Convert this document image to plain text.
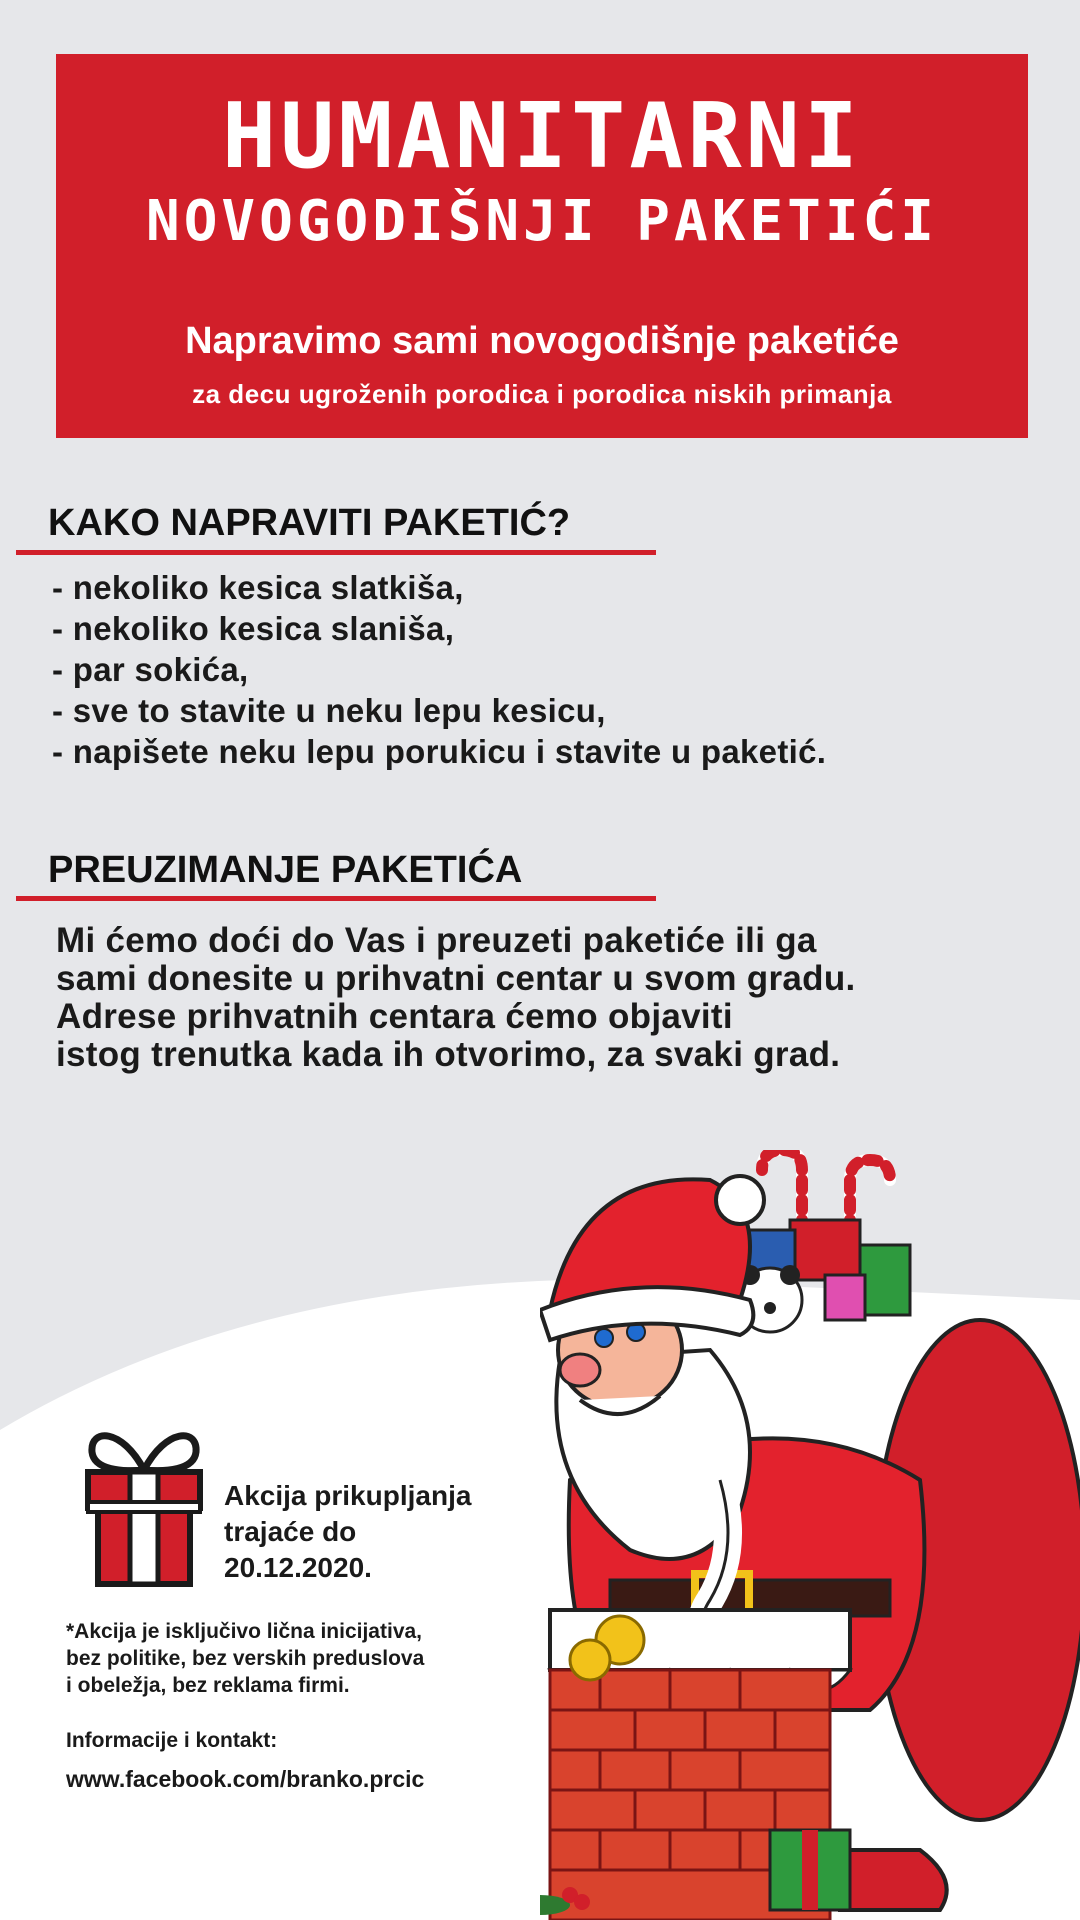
HUMANITARNI
NOVOGODIŠNJI PAKETIĆI
Napravimo sami novogodišnje paketiće
za decu ugroženih porodica i porodica niskih primanja
KAKO NAPRAVITI PAKETIĆ?
- nekoliko kesica slatkiša,
- nekoliko kesica slaniša,
- par sokića,
- sve to stavite u neku lepu kesicu,
- napišete neku lepu porukicu i stavite u paketić.
PREUZIMANJE PAKETIĆA

Mi ćemo doći do Vas i preuzeti paketiće ili ga
sami donesite u prihvatni centar u svom gradu.
Adrese prihvatnih centara ćemo objaviti
istog trenutka kada ih otvorimo, za svaki grad.

Akcija prikupljanja
trajaće do
20.12.2020.

*Akcija je isključivo lična inicijativa,
bez politike, bez verskih preduslova
i obeležja, bez reklama firmi.

Informacije i kontakt:
www.facebook.com/branko.prcic
